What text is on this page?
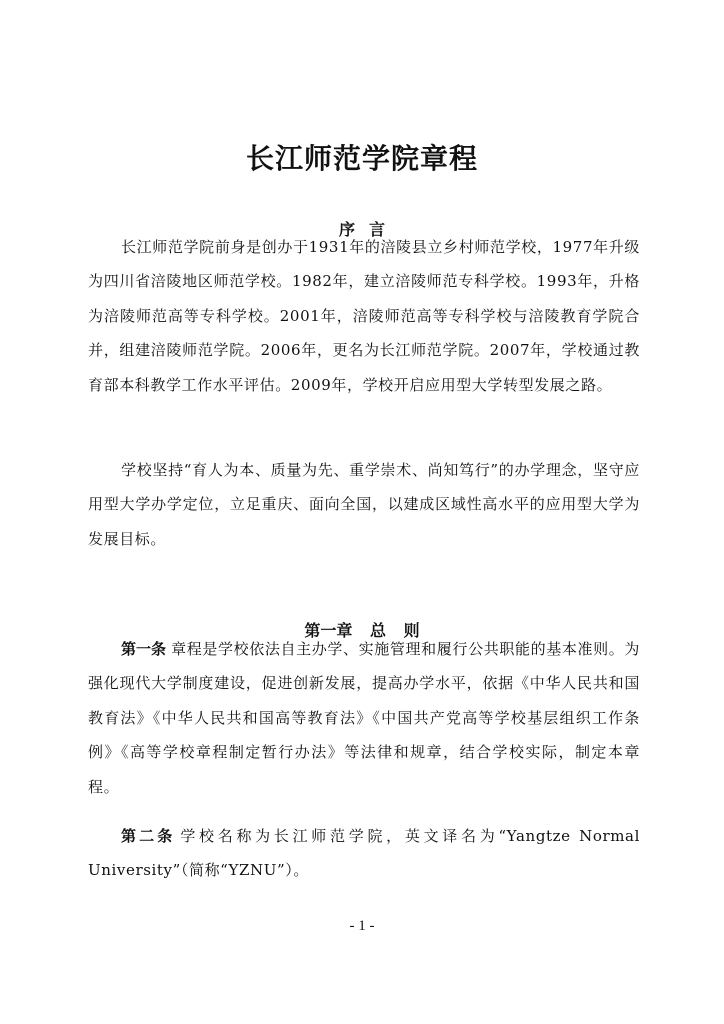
长江师范学院章程
序言

长江师范学院前身是创办于1931年的涪陵县立乡村师范学校，1977年升级为四川省涪陵地区师范学校。1982年，建立涪陵师范专科学校。1993年，升格为涪陵师范高等专科学校。2001年，涪陵师范高等专科学校与涪陵教育学院合并，组建涪陵师范学院。2006年，更名为长江师范学院。2007年，学校通过教育部本科教学工作水平评估。2009年，学校开启应用型大学转型发展之路。

学校坚持“育人为本、质量为先、重学崇术、尚知笃行”的办学理念，坚守应用型大学办学定位，立足重庆、面向全国，以建成区域性高水平的应用型大学为发展目标。

第一章 总 则

第一条 章程是学校依法自主办学、实施管理和履行公共职能的基本准则。为强化现代大学制度建设，促进创新发展，提高办学水平，依据《中华人民共和国教育法》《中华人民共和国高等教育法》《中国共产党高等学校基层组织工作条例》《高等学校章程制定暂行办法》等法律和规章，结合学校实际，制定本章程。

第二条 学校名称为长江师范学院，英文译名为“Yangtze Normal University”（简称“YZNU”）。

- 1 -
